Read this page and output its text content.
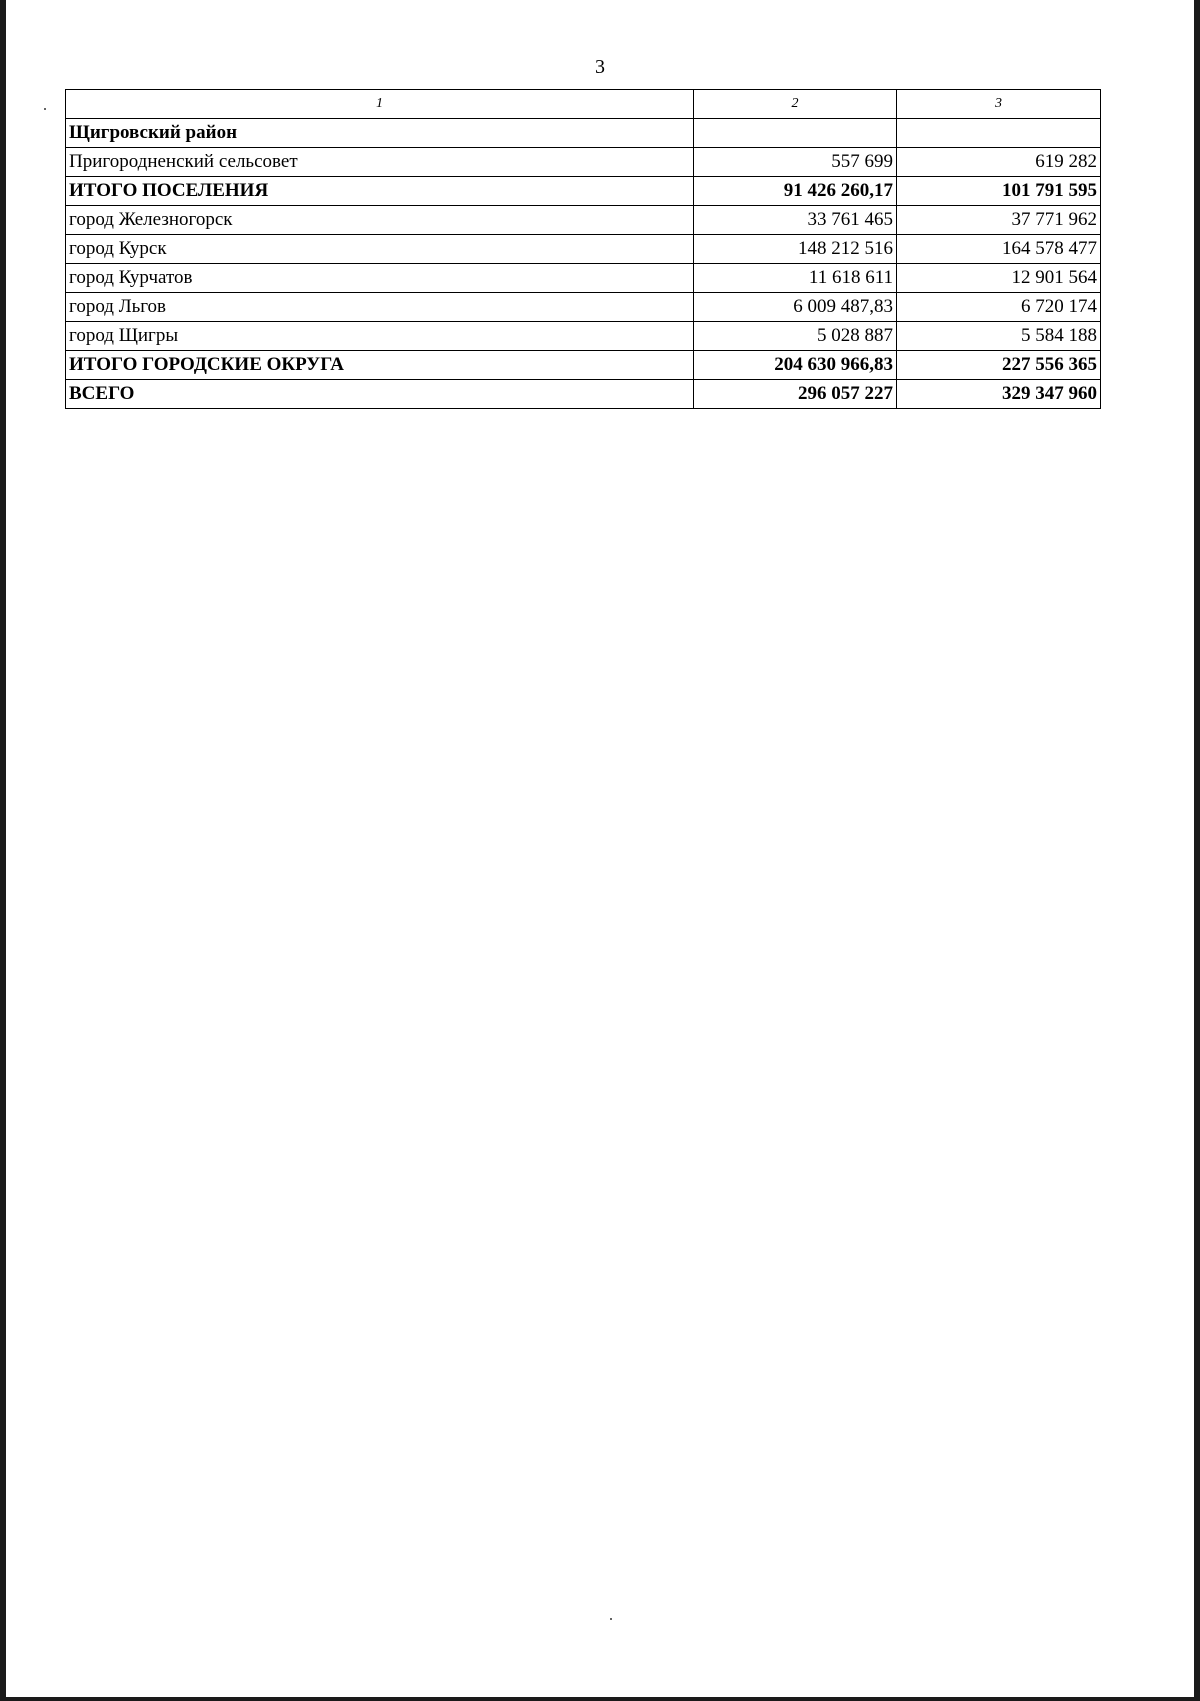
3
1	2	3
Щигровский район		
Пригородненский сельсовет	557 699	619 282
ИТОГО ПОСЕЛЕНИЯ	91 426 260,17	101 791 595
город Железногорск	33 761 465	37 771 962
город Курск	148 212 516	164 578 477
город Курчатов	11 618 611	12 901 564
город Льгов	6 009 487,83	6 720 174
город Щигры	5 028 887	5 584 188
ИТОГО ГОРОДСКИЕ ОКРУГА	204 630 966,83	227 556 365
ВСЕГО	296 057 227	329 347 960
